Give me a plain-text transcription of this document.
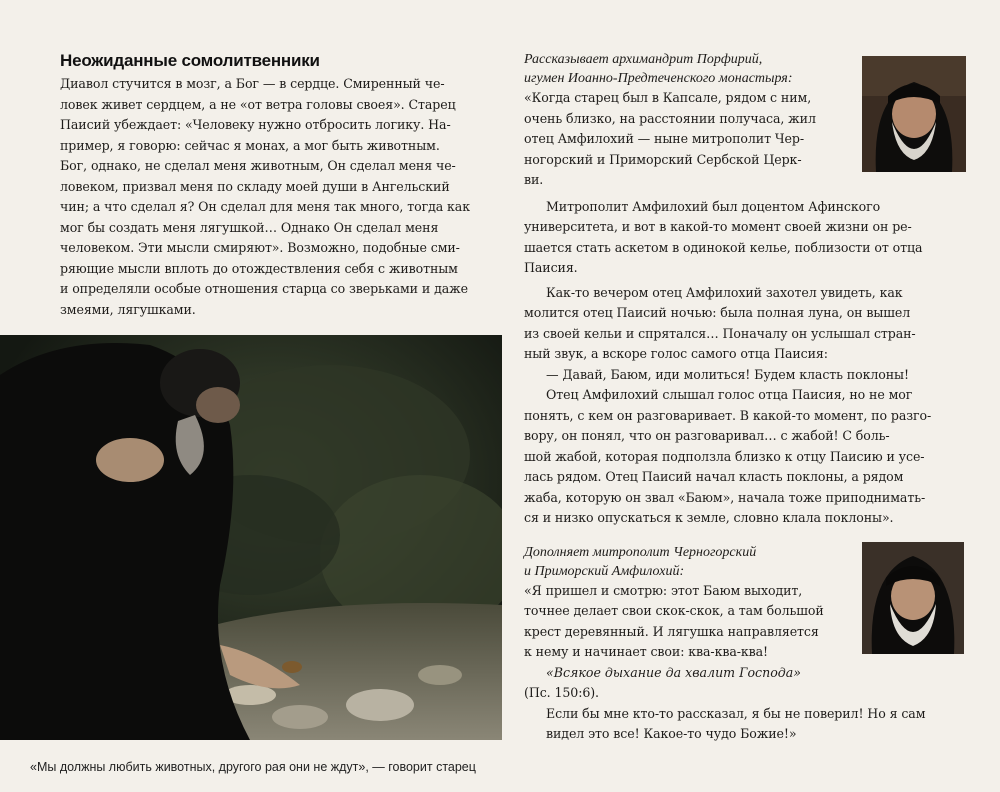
Неожиданные сомолитвенники
Диавол стучится в мозг, а Бог — в сердце. Смиренный че-
ловек живет сердцем, а не «от ветра головы своея». Старец
Паисий убеждает: «Человеку нужно отбросить логику. На-
пример, я говорю: сейчас я монах, а мог быть животным.
Бог, однако, не сделал меня животным, Он сделал меня че-
ловеком, призвал меня по складу моей души в Ангельский
чин; а что сделал я? Он сделал для меня так много, тогда как
мог бы создать меня лягушкой… Однако Он сделал меня
человеком. Эти мысли смиряют». Возможно, подобные сми-
ряющие мысли вплоть до отождествления себя с животным
и определяли особые отношения старца со зверьками и даже
змеями, лягушками.
«Мы должны любить животных, другого рая они не ждут», — говорит старец
Рассказывает архимандрит Порфирий,
игумен Иоанно-Предтеченского монастыря:
«Когда старец был в Капсале, рядом с ним,
очень близко, на расстоянии получаса, жил
отец Амфилохий — ныне митрополит Чер-
ногорский и Приморский Сербской Церк-
ви.
Митрополит Амфилохий был доцентом Афинского
университета, и вот в какой-то момент своей жизни он ре-
шается стать аскетом в одинокой келье, поблизости от отца
Паисия.
Как-то вечером отец Амфилохий захотел увидеть, как
молится отец Паисий ночью: была полная луна, он вышел
из своей кельи и спрятался… Поначалу он услышал стран-
ный звук, а вскоре голос самого отца Паисия:
— Давай, Баюм, иди молиться! Будем класть поклоны!
Отец Амфилохий слышал голос отца Паисия, но не мог
понять, с кем он разговаривает. В какой-то момент, по разго-
вору, он понял, что он разговаривал… с жабой! С боль-
шой жабой, которая подползла близко к отцу Паисию и усе-
лась рядом. Отец Паисий начал класть поклоны, а рядом
жаба, которую он звал «Баюм», начала тоже приподнимать-
ся и низко опускаться к земле, словно клала поклоны».
Дополняет митрополит Черногорский
и Приморский Амфилохий:
«Я пришел и смотрю: этот Баюм выходит,
точнее делает свои скок-скок, а там большой
крест деревянный. И лягушка направляется
к нему и начинает свои: ква-ква-ква!
«Всякое дыхание да хвалит Господа»
(Пс. 150:6).
Если бы мне кто-то рассказал, я бы не поверил! Но я сам
видел это все! Какое-то чудо Божие!»
